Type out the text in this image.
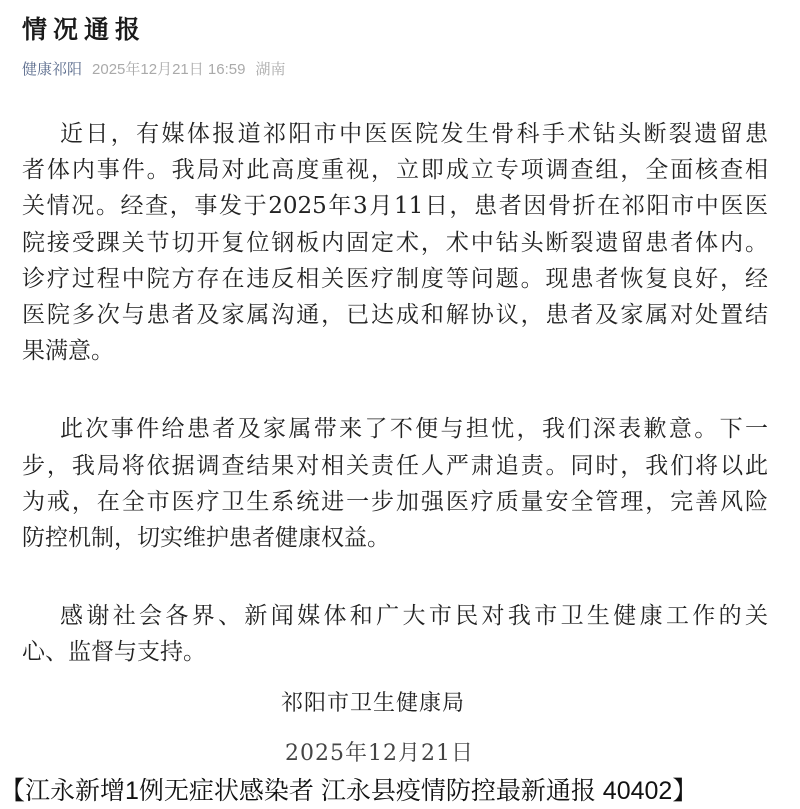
情况通报
健康祁阳 2025年12月21日 16:59 湖南
近日，有媒体报道祁阳市中医医院发生骨科手术钻头断裂遗留患
者体内事件。我局对此高度重视，立即成立专项调查组，全面核查相
关情况。经查，事发于2025年3月11日，患者因骨折在祁阳市中医医
院接受踝关节切开复位钢板内固定术，术中钻头断裂遗留患者体内。
诊疗过程中院方存在违反相关医疗制度等问题。现患者恢复良好，经
医院多次与患者及家属沟通，已达成和解协议，患者及家属对处置结
果满意。
此次事件给患者及家属带来了不便与担忧，我们深表歉意。下一
步，我局将依据调查结果对相关责任人严肃追责。同时，我们将以此
为戒，在全市医疗卫生系统进一步加强医疗质量安全管理，完善风险
防控机制，切实维护患者健康权益。
感谢社会各界、新闻媒体和广大市民对我市卫生健康工作的关
心、监督与支持。
祁阳市卫生健康局
2025年12月21日
【江永新增1例无症状感染者 江永县疫情防控最新通报 40402】
